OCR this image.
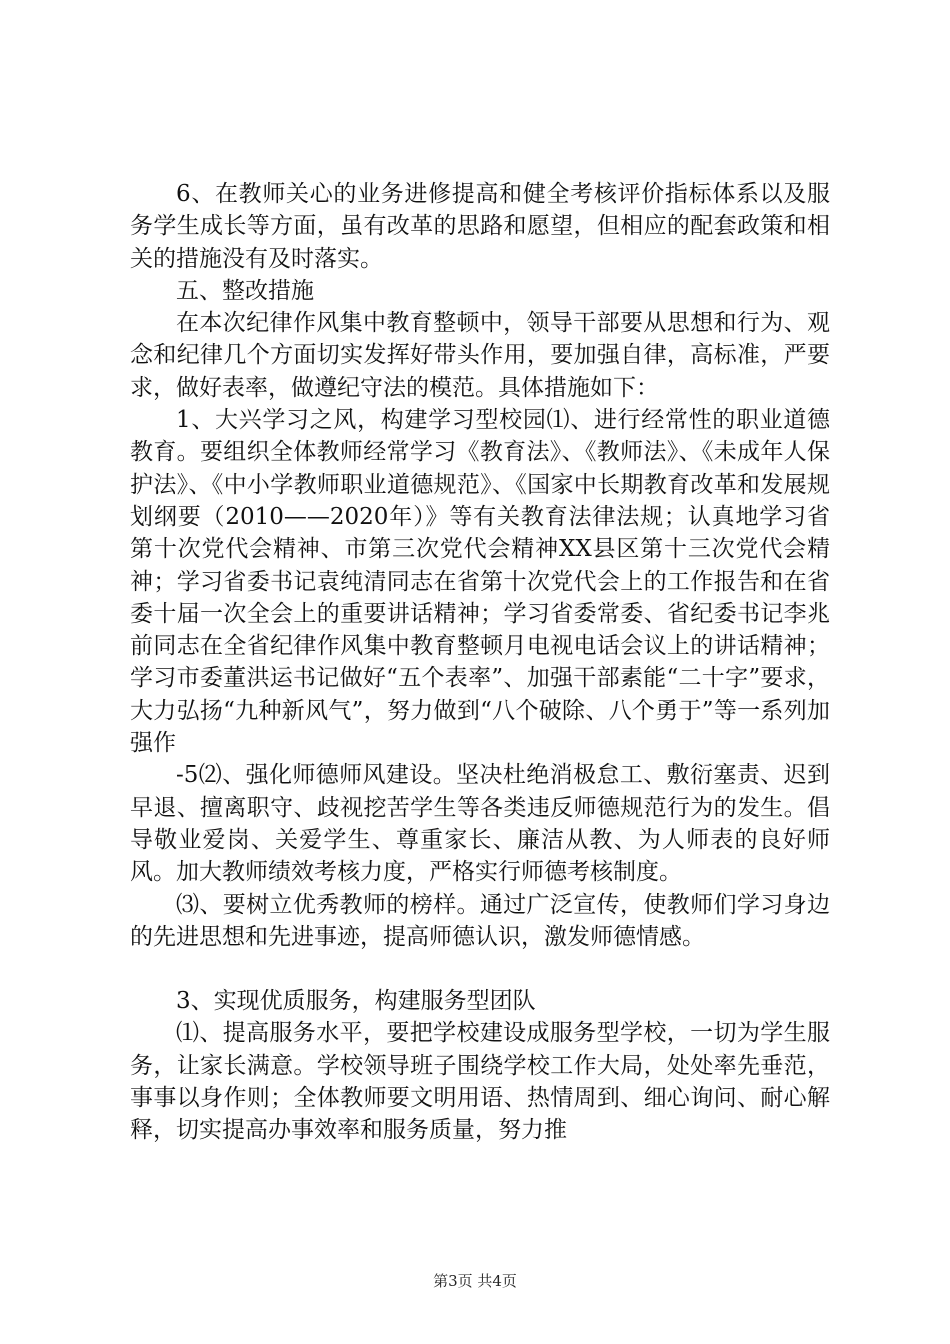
6、在教师关心的业务进修提高和健全考核评价指标体系以及服务学生成长等方面，虽有改革的思路和愿望，但相应的配套政策和相关的措施没有及时落实。

五、整改措施

在本次纪律作风集中教育整顿中，领导干部要从思想和行为、观念和纪律几个方面切实发挥好带头作用，要加强自律，高标准，严要求，做好表率，做遵纪守法的模范。具体措施如下：

1、大兴学习之风，构建学习型校园⑴、进行经常性的职业道德教育。要组织全体教师经常学习《教育法》、《教师法》、《未成年人保护法》、《中小学教师职业道德规范》、《国家中长期教育改革和发展规划纲要（2010——2020年）》等有关教育法律法规；认真地学习省第十次党代会精神、市第三次党代会精神XX县区第十三次党代会精神；学习省委书记袁纯清同志在省第十次党代会上的工作报告和在省委十届一次全会上的重要讲话精神；学习省委常委、省纪委书记李兆前同志在全省纪律作风集中教育整顿月电视电话会议上的讲话精神；学习市委董洪运书记做好“五个表率”、加强干部素能“二十字”要求，大力弘扬“九种新风气”，努力做到“八个破除、八个勇于”等一系列加强作

-5⑵、强化师德师风建设。坚决杜绝消极怠工、敷衍塞责、迟到早退、擅离职守、歧视挖苦学生等各类违反师德规范行为的发生。倡导敬业爱岗、关爱学生、尊重家长、廉洁从教、为人师表的良好师风。加大教师绩效考核力度，严格实行师德考核制度。

⑶、要树立优秀教师的榜样。通过广泛宣传，使教师们学习身边的先进思想和先进事迹，提高师德认识，激发师德情感。

3、实现优质服务，构建服务型团队

⑴、提高服务水平，要把学校建设成服务型学校，一切为学生服务，让家长满意。学校领导班子围绕学校工作大局，处处率先垂范，事事以身作则；全体教师要文明用语、热情周到、细心询问、耐心解释，切实提高办事效率和服务质量，努力推

第3页 共4页
